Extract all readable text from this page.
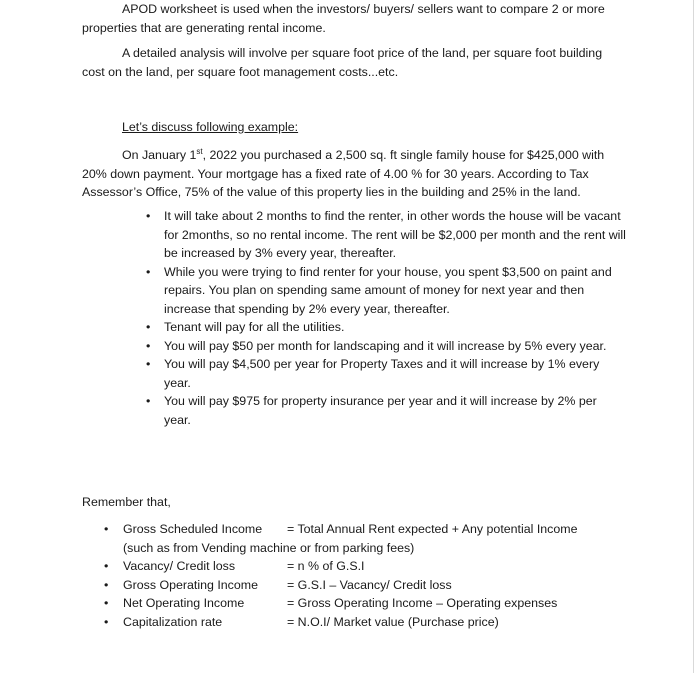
APOD worksheet is used when the investors/ buyers/ sellers want to compare 2 or more
properties that are generating rental income.

A detailed analysis will involve per square foot price of the land, per square foot building
cost on the land, per square foot management costs...etc.

Let’s discuss following example:

On January 1st, 2022 you purchased a 2,500 sq. ft single family house for $425,000 with
20% down payment. Your mortgage has a fixed rate of 4.00 % for 30 years. According to Tax
Assessor’s Office, 75% of the value of this property lies in the building and 25% in the land.

• It will take about 2 months to find the renter, in other words the house will be vacant for 2months, so no rental income. The rent will be $2,000 per month and the rent will be increased by 3% every year, thereafter.
• While you were trying to find renter for your house, you spent $3,500 on paint and repairs. You plan on spending same amount of money for next year and then increase that spending by 2% every year, thereafter.
• Tenant will pay for all the utilities.
• You will pay $50 per month for landscaping and it will increase by 5% every year.
• You will pay $4,500 per year for Property Taxes and it will increase by 1% every year.
• You will pay $975 for property insurance per year and it will increase by 2% per year.

Remember that,

• Gross Scheduled Income = Total Annual Rent expected + Any potential Income
(such as from Vending machine or from parking fees)
• Vacancy/ Credit loss	= n % of G.S.I
• Gross Operating Income = G.S.I – Vacancy/ Credit loss
• Net Operating Income	= Gross Operating Income – Operating expenses
• Capitalization rate	= N.O.I/ Market value (Purchase price)
